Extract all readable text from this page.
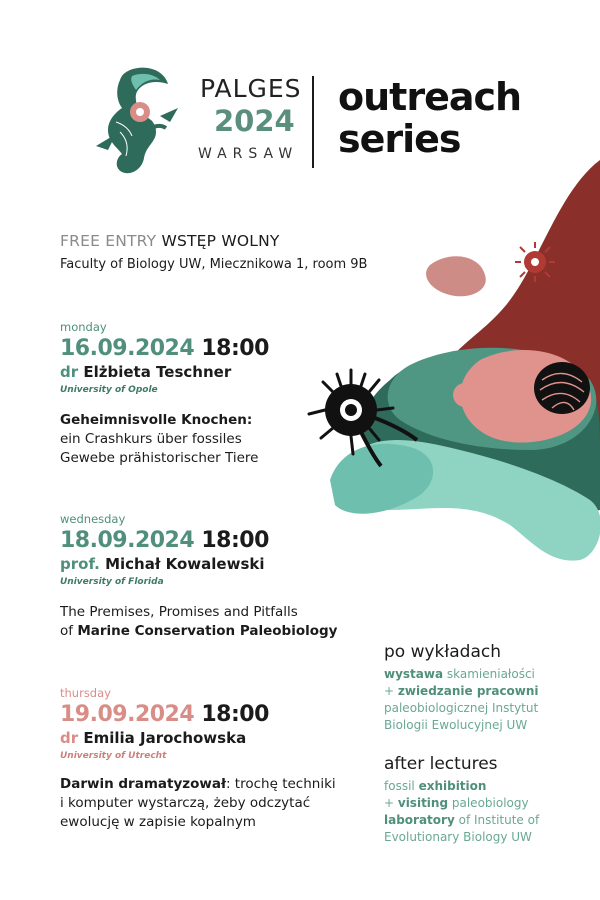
PALGES
2024
WARSAW
outreach
series
FREE ENTRY WSTĘP WOLNY
Faculty of Biology UW, Miecznikowa 1, room 9B
monday
16.09.2024 18:00
dr Elżbieta Teschner
University of Opole
Geheimnisvolle Knochen:
ein Crashkurs über fossiles
Gewebe prähistorischer Tiere
wednesday
18.09.2024 18:00
prof. Michał Kowalewski
University of Florida
The Premises, Promises and Pitfalls
of Marine Conservation Paleobiology
thursday
19.09.2024 18:00
dr Emilia Jarochowska
University of Utrecht
Darwin dramatyzował: trochę techniki
i komputer wystarczą, żeby odczytać
ewolucję w zapisie kopalnym
po wykładach
wystawa skamieniałości
+ zwiedzanie pracowni
paleobiologicznej Instytut
Biologii Ewolucyjnej UW
after lectures
fossil exhibition
+ visiting paleobiology
laboratory of Institute of
Evolutionary Biology UW
